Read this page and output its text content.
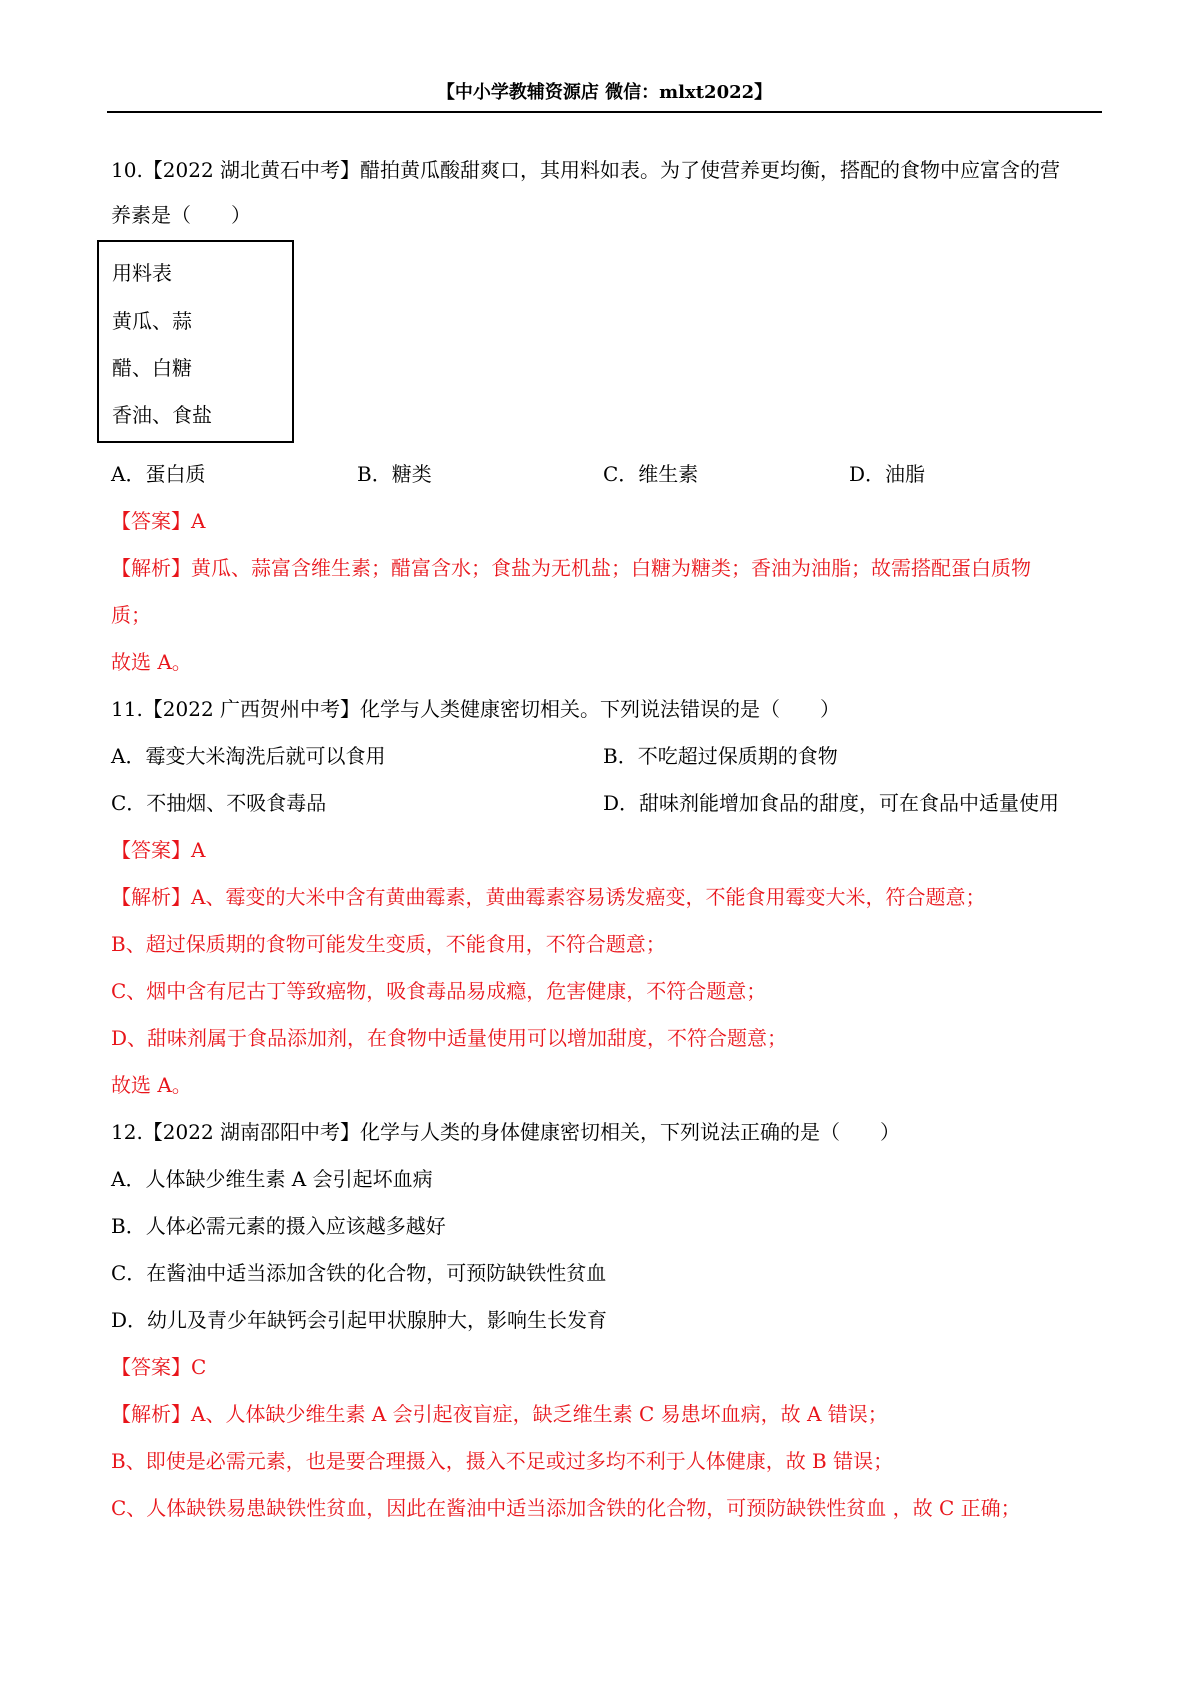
【中小学教辅资源店 微信：mlxt2022】
10.【2022 湖北黄石中考】醋拍黄瓜酸甜爽口，其用料如表。为了使营养更均衡，搭配的食物中应富含的营
养素是（　　）
用料表
黄瓜、蒜
醋、白糖
香油、食盐
A．蛋白质	B．糖类	C．维生素	D．油脂
【答案】A
【解析】黄瓜、蒜富含维生素；醋富含水；食盐为无机盐；白糖为糖类；香油为油脂；故需搭配蛋白质物
质；
故选 A。
11.【2022 广西贺州中考】化学与人类健康密切相关。下列说法错误的是（　　）
A．霉变大米淘洗后就可以食用	B．不吃超过保质期的食物
C．不抽烟、不吸食毒品	D．甜味剂能增加食品的甜度，可在食品中适量使用
【答案】A
【解析】A、霉变的大米中含有黄曲霉素，黄曲霉素容易诱发癌变，不能食用霉变大米，符合题意；
B、超过保质期的食物可能发生变质，不能食用，不符合题意；
C、烟中含有尼古丁等致癌物，吸食毒品易成瘾，危害健康，不符合题意；
D、甜味剂属于食品添加剂，在食物中适量使用可以增加甜度，不符合题意；
故选 A。
12.【2022 湖南邵阳中考】化学与人类的身体健康密切相关，下列说法正确的是（　　）
A．人体缺少维生素 A 会引起坏血病
B．人体必需元素的摄入应该越多越好
C．在酱油中适当添加含铁的化合物，可预防缺铁性贫血
D．幼儿及青少年缺钙会引起甲状腺肿大，影响生长发育
【答案】C
【解析】A、人体缺少维生素 A 会引起夜盲症，缺乏维生素 C 易患坏血病，故 A 错误；
B、即使是必需元素，也是要合理摄入，摄入不足或过多均不利于人体健康，故 B 错误；
C、人体缺铁易患缺铁性贫血，因此在酱油中适当添加含铁的化合物，可预防缺铁性贫血 ，故 C 正确；
